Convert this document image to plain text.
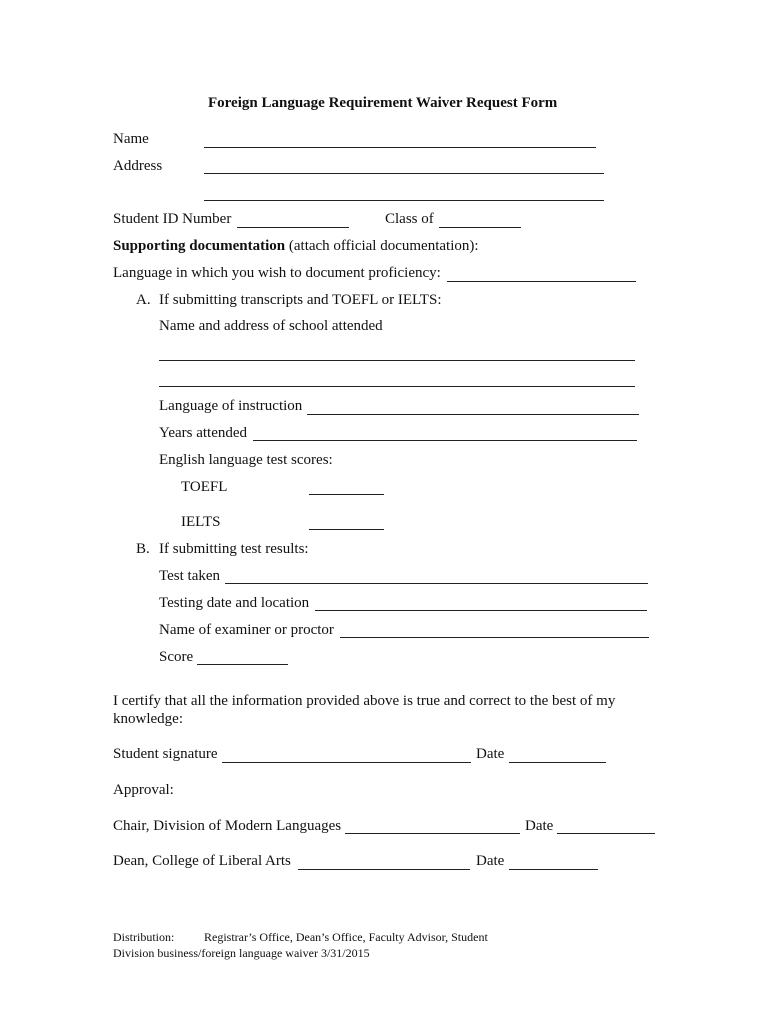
Foreign Language Requirement Waiver Request Form
Name
Address
Student ID Number	Class of
Supporting documentation (attach official documentation):
Language in which you wish to document proficiency:
A. If submitting transcripts and TOEFL or IELTS:
Name and address of school attended
Language of instruction
Years attended
English language test scores:
TOEFL
IELTS
B. If submitting test results:
Test taken
Testing date and location
Name of examiner or proctor
Score
I certify that all the information provided above is true and correct to the best of my
knowledge:
Student signature	Date
Approval:
Chair, Division of Modern Languages	Date
Dean, College of Liberal Arts	Date
Distribution: Registrar’s Office, Dean’s Office, Faculty Advisor, Student
Division business/foreign language waiver 3/31/2015
